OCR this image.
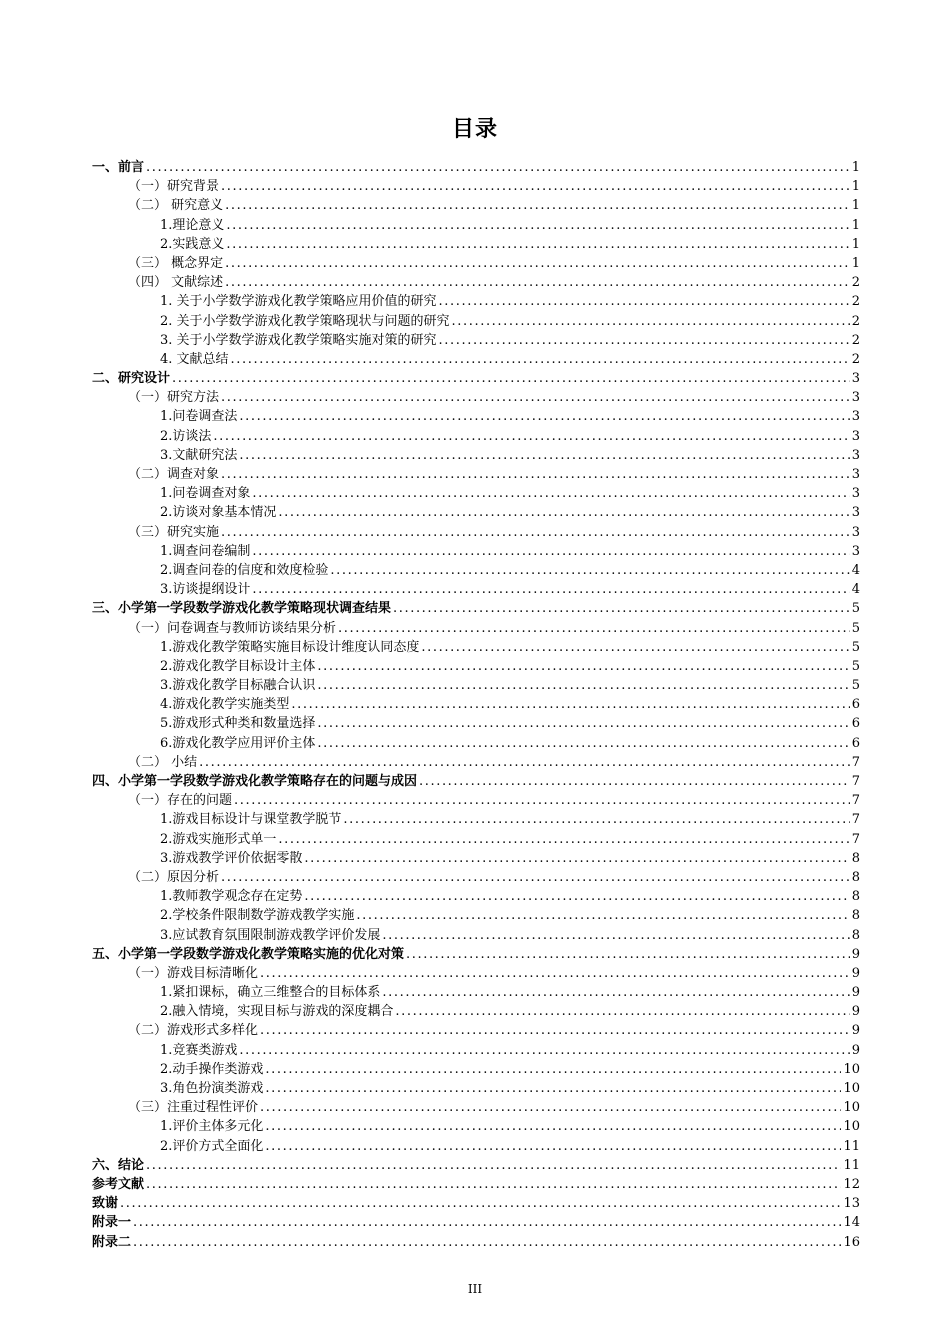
目录
一、前言 .....	1
（一）研究背景 .....	1
（二） 研究意义 .....	1
1.理论意义 .....	1
2.实践意义 .....	1
（三） 概念界定 .....	1
（四） 文献综述 .....	2
1. 关于小学数学游戏化教学策略应用价值的研究 .....	2
2. 关于小学数学游戏化教学策略现状与问题的研究 .....	2
3. 关于小学数学游戏化教学策略实施对策的研究 .....	2
4. 文献总结 .....	2
二、研究设计 .....	3
（一）研究方法 .....	3
1.问卷调查法 .....	3
2.访谈法 .....	3
3.文献研究法 .....	3
（二）调查对象 .....	3
1.问卷调查对象 .....	3
2.访谈对象基本情况 .....	3
（三）研究实施 .....	3
1.调查问卷编制 .....	3
2.调查问卷的信度和效度检验 .....	4
3.访谈提纲设计 .....	4
三、小学第一学段数学游戏化教学策略现状调查结果 .....	5
（一）问卷调查与教师访谈结果分析 .....	5
1.游戏化教学策略实施目标设计维度认同态度 .....	5
2.游戏化教学目标设计主体 .....	5
3.游戏化教学目标融合认识 .....	5
4.游戏化教学实施类型 .....	6
5.游戏形式种类和数量选择 .....	6
6.游戏化教学应用评价主体 .....	6
（二） 小结 .....	7
四、小学第一学段数学游戏化教学策略存在的问题与成因 .....	7
（一）存在的问题 .....	7
1.游戏目标设计与课堂教学脱节 .....	7
2.游戏实施形式单一 .....	7
3.游戏教学评价依据零散 .....	8
（二）原因分析 .....	8
1.教师教学观念存在定势 .....	8
2.学校条件限制数学游戏教学实施 .....	8
3.应试教育氛围限制游戏教学评价发展 .....	8
五、小学第一学段数学游戏化教学策略实施的优化对策 .....	9
（一）游戏目标清晰化 .....	9
1.紧扣课标，确立三维整合的目标体系 .....	9
2.融入情境，实现目标与游戏的深度耦合 .....	9
（二）游戏形式多样化 .....	9
1.竞赛类游戏 .....	9
2.动手操作类游戏 .....	10
3.角色扮演类游戏 .....	10
（三）注重过程性评价 .....	10
1.评价主体多元化 .....	10
2.评价方式全面化 .....	11
六、结论 .....	11
参考文献 .....	12
致谢 .....	13
附录一 .....	14
附录二 .....	16
III
